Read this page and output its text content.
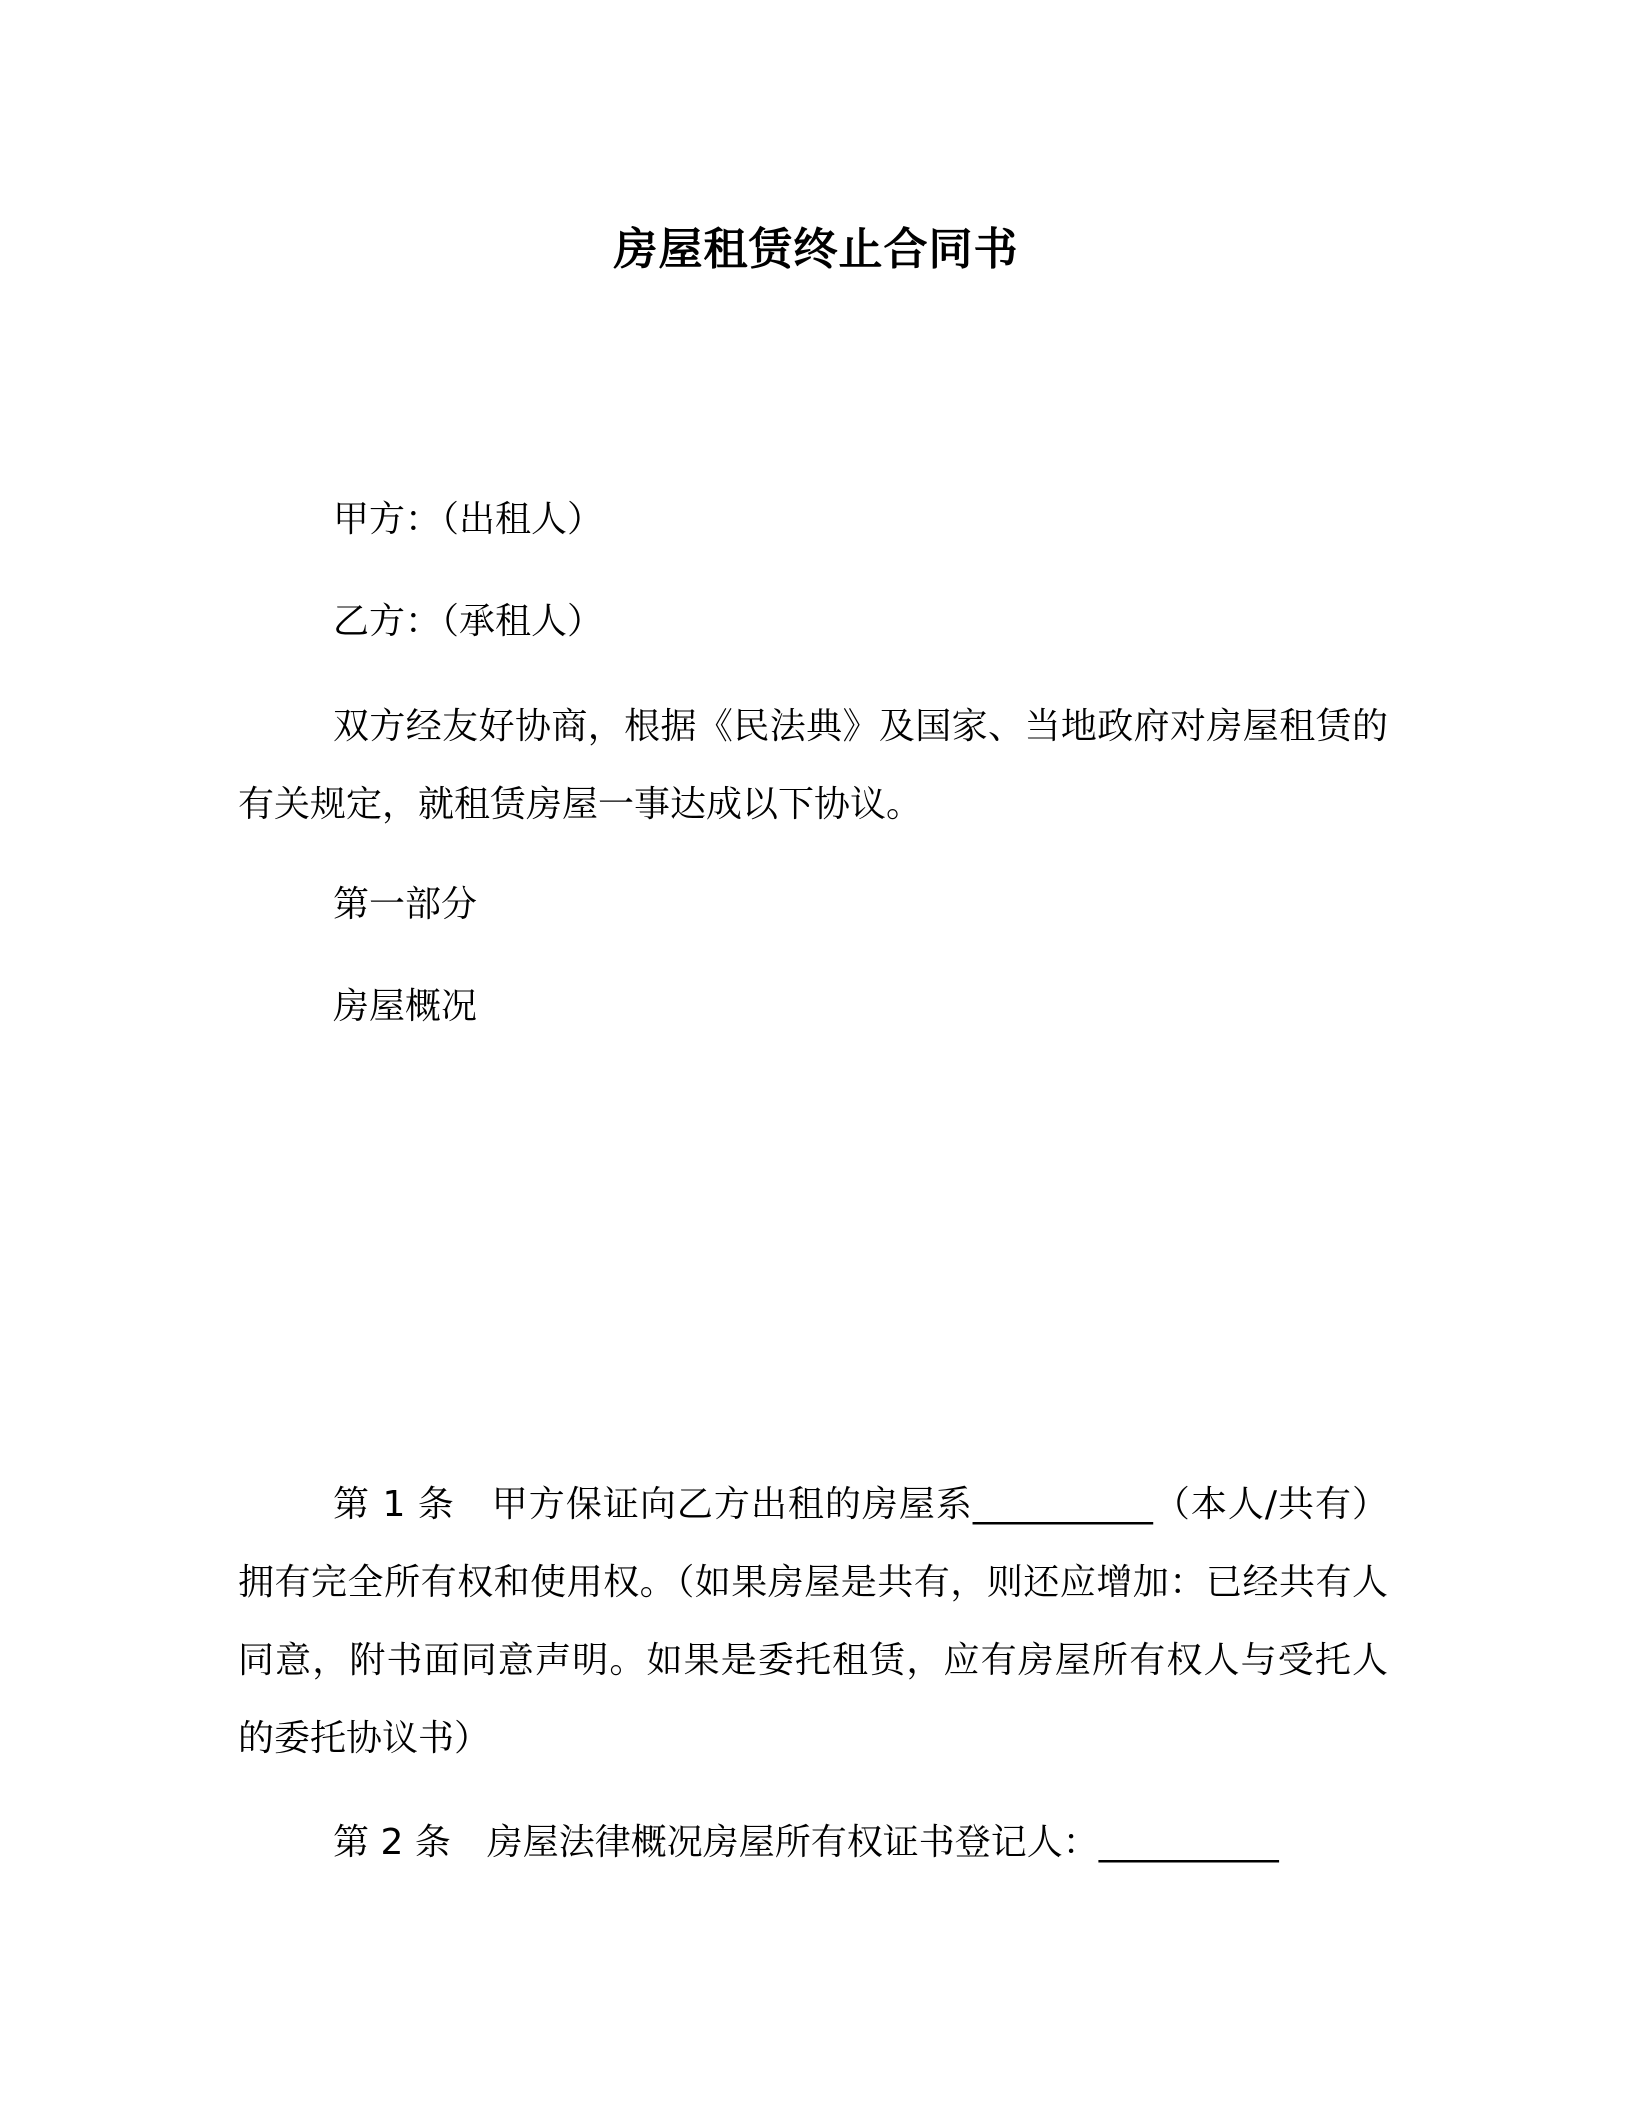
房屋租赁终止合同书
甲方：（出租人）
乙方：（承租人）
双方经友好协商，根据《民法典》及国家、当地政府对房屋租赁的有关规定，就租赁房屋一事达成以下协议。
第一部分
房屋概况
第 1 条　甲方保证向乙方出租的房屋系__________（本人/共有）拥有完全所有权和使用权。（如果房屋是共有，则还应增加：已经共有人同意，附书面同意声明。如果是委托租赁，应有房屋所有权人与受托人的委托协议书）
第 2 条　房屋法律概况房屋所有权证书登记人：__________
